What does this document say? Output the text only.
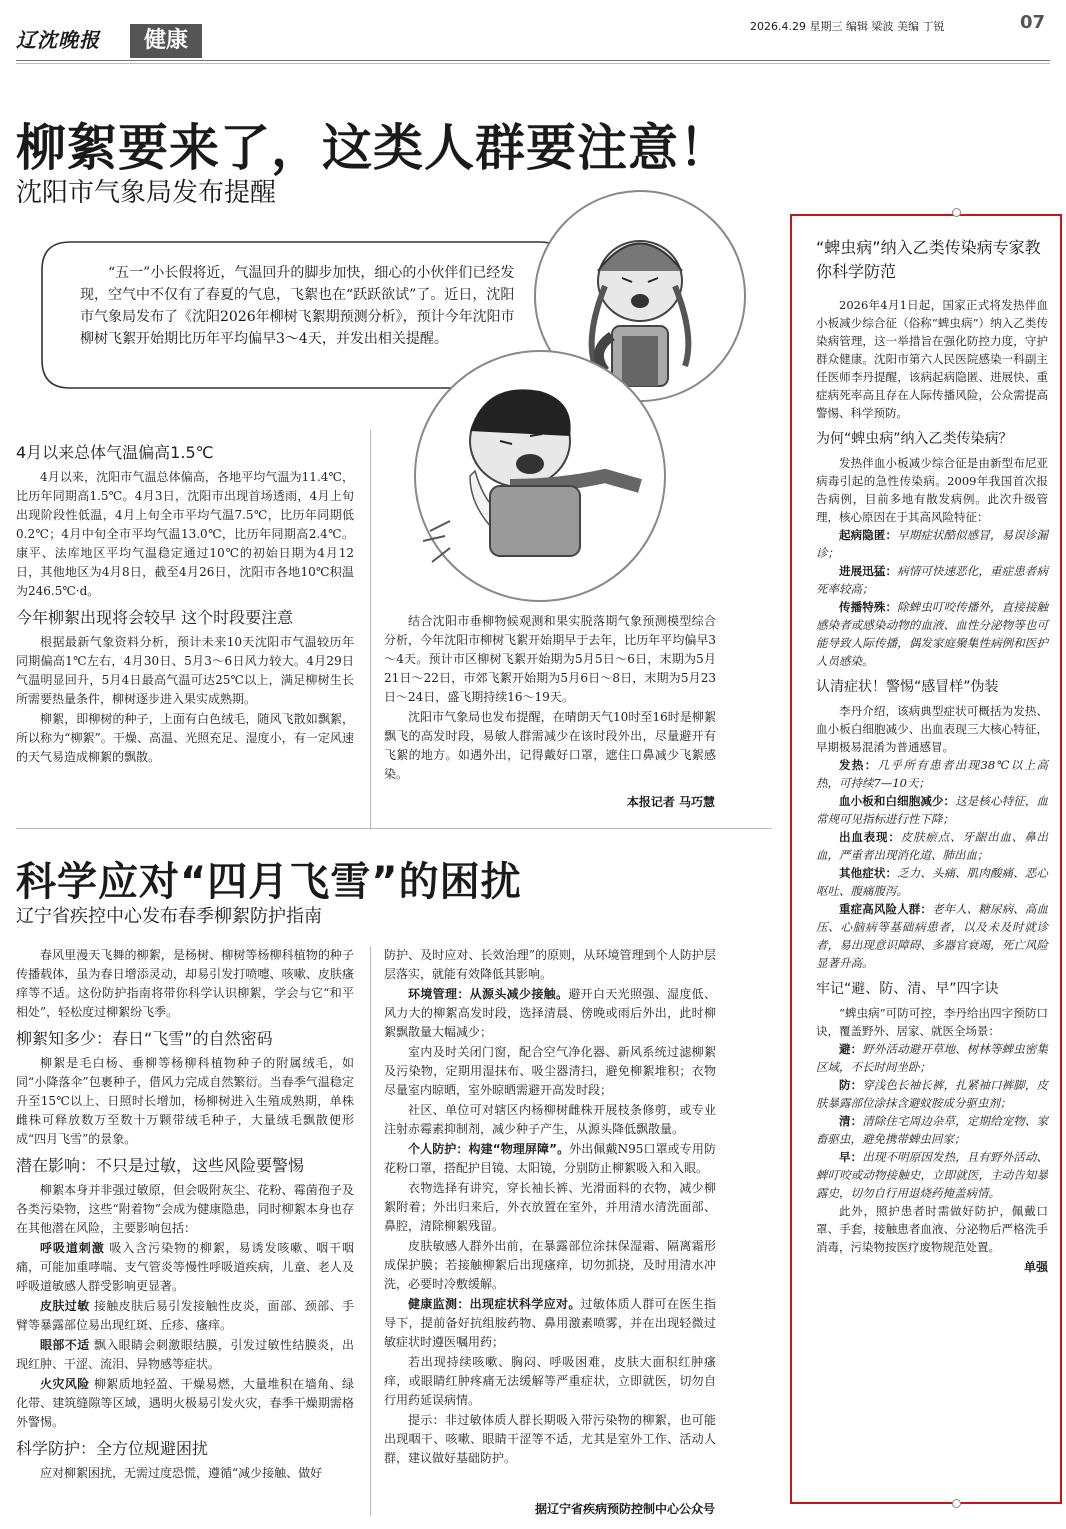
辽沈晚报	健康
2026.4.29 星期三 编辑 梁波 美编 丁锐	07
柳絮要来了，这类人群要注意！
沈阳市气象局发布提醒
“五一”小长假将近，气温回升的脚步加快，细心的小伙伴们已经发现，空气中不仅有了春夏的气息，飞絮也在“跃跃欲试”了。近日，沈阳市气象局发布了《沈阳2026年柳树飞絮期预测分析》，预计今年沈阳市柳树飞絮开始期比历年平均偏早3～4天，并发出相关提醒。
4月以来总体气温偏高1.5℃

4月以来，沈阳市气温总体偏高，各地平均气温为11.4℃，比历年同期高1.5℃。4月3日，沈阳市出现首场透雨，4月上旬出现阶段性低温，4月上旬全市平均气温7.5℃，比历年同期低0.2℃；4月中旬全市平均气温13.0℃，比历年同期高2.4℃。康平、法库地区平均气温稳定通过10℃的初始日期为4月12日，其他地区为4月8日，截至4月26日，沈阳市各地10℃积温为246.5℃·d。

今年柳絮出现将会较早 这个时段要注意

根据最新气象资料分析，预计未来10天沈阳市气温较历年同期偏高1℃左右，4月30日、5月3～6日风力较大。4月29日气温明显回升，5月4日最高气温可达25℃以上，满足柳树生长所需要热量条件，柳树逐步进入果实成熟期。

柳絮，即柳树的种子，上面有白色绒毛，随风飞散如飘絮，所以称为“柳絮”。干燥、高温、光照充足、湿度小，有一定风速的天气易造成柳絮的飘散。

结合沈阳市垂柳物候观测和果实脱落期气象预测模型综合分析，今年沈阳市柳树飞絮开始期早于去年，比历年平均偏早3～4天。预计市区柳树飞絮开始期为5月5日～6日，末期为5月21日～22日，市郊飞絮开始期为5月6日～8日，末期为5月23日～24日，盛飞期持续16～19天。

沈阳市气象局也发布提醒，在晴朗天气10时至16时是柳絮飘飞的高发时段，易敏人群需减少在该时段外出，尽量避开有飞絮的地方。如遇外出，记得戴好口罩，遮住口鼻减少飞絮感染。

本报记者 马巧慧
科学应对“四月飞雪”的困扰
辽宁省疾控中心发布春季柳絮防护指南

春风里漫天飞舞的柳絮，是杨树、柳树等杨柳科植物的种子传播载体，虽为春日增添灵动，却易引发打喷嚏、咳嗽、皮肤瘙痒等不适。这份防护指南将带你科学认识柳絮，学会与它“和平相处”，轻松度过柳絮纷飞季。

柳絮知多少：春日“飞雪”的自然密码

柳絮是毛白杨、垂柳等杨柳科植物种子的附属绒毛，如同“小降落伞”包裹种子，借风力完成自然繁衍。当春季气温稳定升至15℃以上、日照时长增加，杨柳树进入生殖成熟期，单株雌株可释放数万至数十万颗带绒毛种子，大量绒毛飘散便形成“四月飞雪”的景象。

潜在影响：不只是过敏，这些风险要警惕

柳絮本身并非强过敏原，但会吸附灰尘、花粉、霉菌孢子及各类污染物，这些“附着物”会成为健康隐患，同时柳絮本身也存在其他潜在风险，主要影响包括：

呼吸道刺激 吸入含污染物的柳絮，易诱发咳嗽、咽干咽痛，可能加重哮喘、支气管炎等慢性呼吸道疾病，儿童、老人及呼吸道敏感人群受影响更显著。

皮肤过敏 接触皮肤后易引发接触性皮炎，面部、颈部、手臂等暴露部位易出现红斑、丘疹、瘙痒。

眼部不适 飘入眼睛会刺激眼结膜，引发过敏性结膜炎，出现红肿、干涩、流泪、异物感等症状。

火灾风险 柳絮质地轻盈、干燥易燃，大量堆积在墙角、绿化带、建筑缝隙等区域，遇明火极易引发火灾，春季干燥期需格外警惕。

科学防护：全方位规避困扰

应对柳絮困扰，无需过度恐慌，遵循“减少接触、做好

防护、及时应对、长效治理”的原则，从环境管理到个人防护层层落实，就能有效降低其影响。

环境管理：从源头减少接触。避开白天光照强、湿度低、风力大的柳絮高发时段，选择清晨、傍晚或雨后外出，此时柳絮飘散量大幅减少；

室内及时关闭门窗，配合空气净化器、新风系统过滤柳絮及污染物，定期用湿抹布、吸尘器清扫，避免柳絮堆积；衣物尽量室内晾晒，室外晾晒需避开高发时段；

社区、单位可对辖区内杨柳树雌株开展枝条修剪，或专业注射赤霉素抑制剂，减少种子产生，从源头降低飘散量。

个人防护：构建“物理屏障”。外出佩戴N95口罩或专用防花粉口罩，搭配护目镜、太阳镜，分别防止柳絮吸入和入眼。

衣物选择有讲究，穿长袖长裤、光滑面料的衣物，减少柳絮附着；外出归来后，外衣放置在室外，并用清水清洗面部、鼻腔，清除柳絮残留。

皮肤敏感人群外出前，在暴露部位涂抹保湿霜、隔离霜形成保护膜；若接触柳絮后出现瘙痒，切勿抓挠，及时用清水冲洗，必要时冷敷缓解。

健康监测：出现症状科学应对。过敏体质人群可在医生指导下，提前备好抗组胺药物、鼻用激素喷雾，并在出现轻微过敏症状时遵医嘱用药；

若出现持续咳嗽、胸闷、呼吸困难，皮肤大面积红肿瘙痒，或眼睛红肿疼痛无法缓解等严重症状，立即就医，切勿自行用药延误病情。

提示：非过敏体质人群长期吸入带污染物的柳絮，也可能出现咽干、咳嗽、眼睛干涩等不适，尤其是室外工作、活动人群，建议做好基础防护。

据辽宁省疾病预防控制中心公众号
“蜱虫病”纳入乙类传染病专家教你科学防范

2026年4月1日起，国家正式将发热伴血小板减少综合征（俗称“蜱虫病”）纳入乙类传染病管理，这一举措旨在强化防控力度，守护群众健康。沈阳市第六人民医院感染一科副主任医师李丹提醒，该病起病隐匿、进展快、重症病死率高且存在人际传播风险，公众需提高警惕、科学预防。

为何“蜱虫病”纳入乙类传染病？

发热伴血小板减少综合征是由新型布尼亚病毒引起的急性传染病。2009年我国首次报告病例，目前多地有散发病例。此次升级管理，核心原因在于其高风险特征：

起病隐匿：早期症状酷似感冒，易误诊漏诊；

进展迅猛：病情可快速恶化，重症患者病死率较高；

传播特殊：除蜱虫叮咬传播外，直接接触感染者或感染动物的血液、血性分泌物等也可能导致人际传播，偶发家庭聚集性病例和医护人员感染。

认清症状！警惕“感冒样”伪装

李丹介绍，该病典型症状可概括为发热、血小板白细胞减少、出血表现三大核心特征，早期极易混淆为普通感冒。

发热：几乎所有患者出现38℃以上高热，可持续7—10天；

血小板和白细胞减少：这是核心特征，血常规可见指标进行性下降；

出血表现：皮肤瘀点、牙龈出血、鼻出血，严重者出现消化道、肺出血；

其他症状：乏力、头痛、肌肉酸痛、恶心呕吐、腹痛腹泻。

重症高风险人群：老年人、糖尿病、高血压、心脑病等基础病患者，以及未及时就诊者，易出现意识障碍、多器官衰竭，死亡风险显著升高。

牢记“避、防、清、早”四字诀

“蜱虫病”可防可控，李丹给出四字预防口诀，覆盖野外、居家、就医全场景：

避：野外活动避开草地、树林等蜱虫密集区域，不长时间坐卧；

防：穿浅色长袖长裤，扎紧袖口裤脚，皮肤暴露部位涂抹含避蚊胺成分驱虫剂；

清：清除住宅周边杂草，定期给宠物、家畜驱虫，避免携带蜱虫回家；

早：出现不明原因发热，且有野外活动、蜱叮咬或动物接触史，立即就医，主动告知暴露史，切勿自行用退烧药掩盖病情。

此外，照护患者时需做好防护，佩戴口罩、手套，接触患者血液、分泌物后严格洗手消毒，污染物按医疗废物规范处置。

单强
